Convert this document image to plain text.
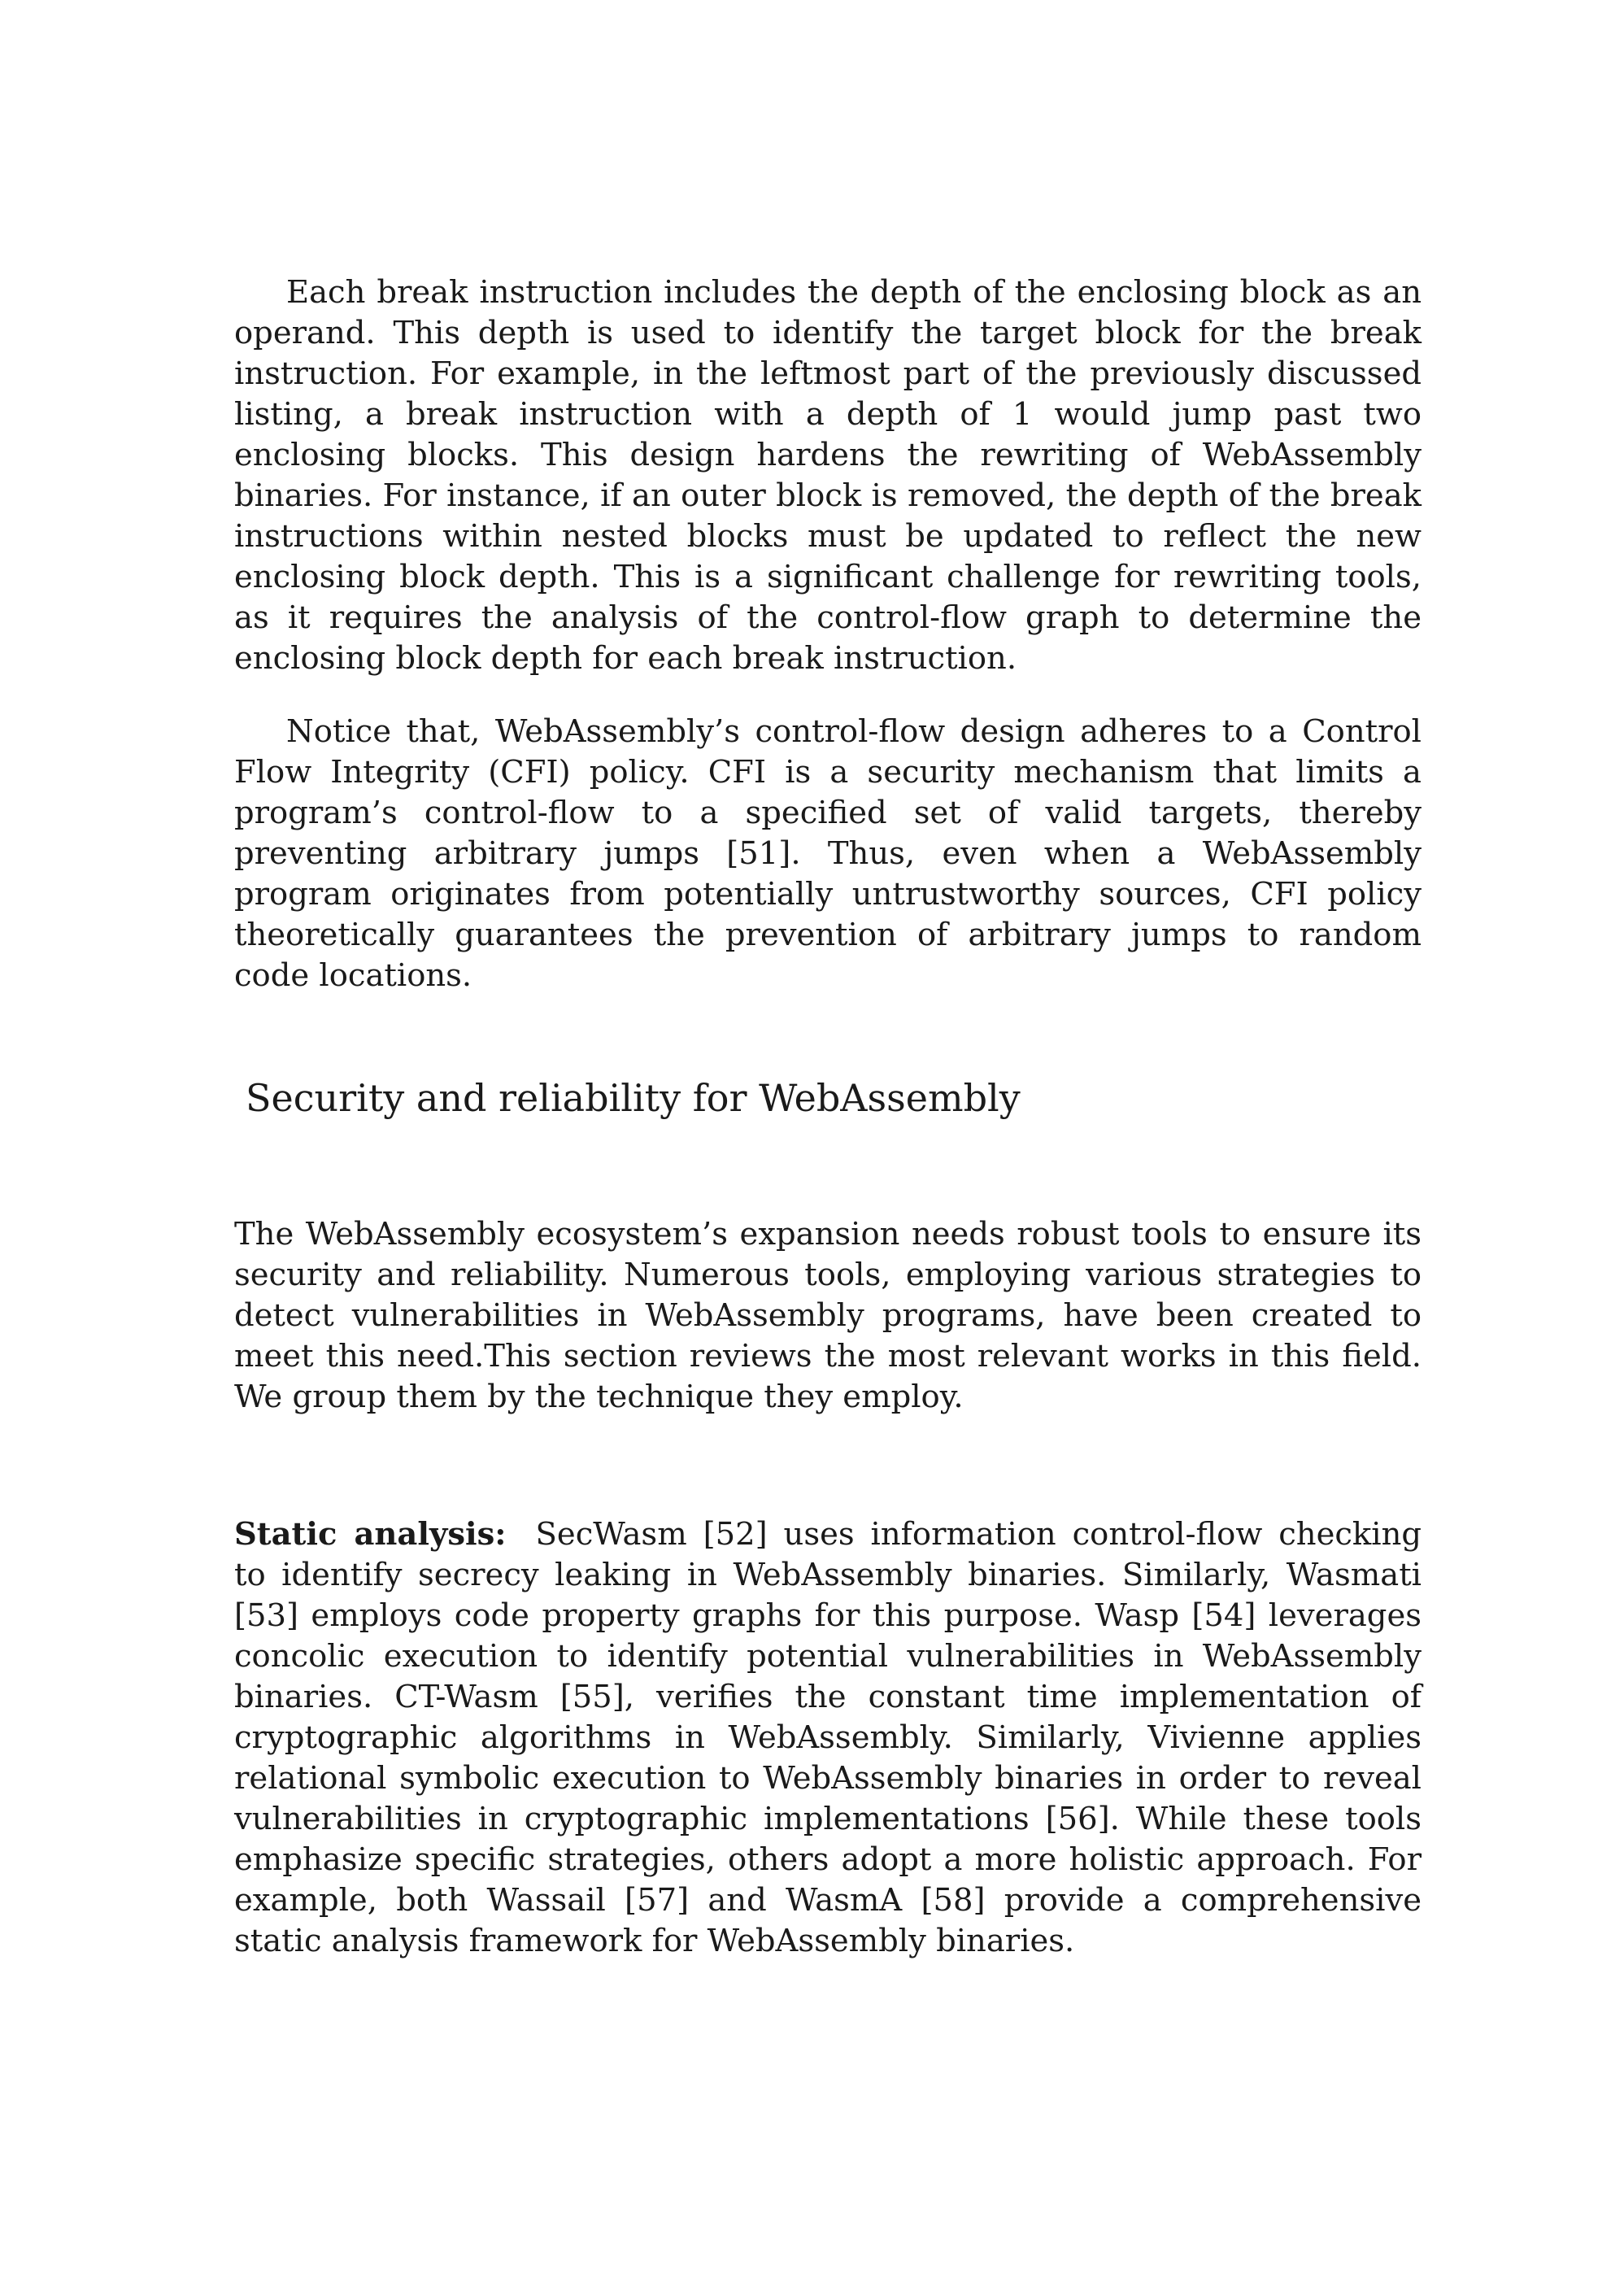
Each break instruction includes the depth of the enclosing block as an operand. This depth is used to identify the target block for the break instruction. For example, in the leftmost part of the previously discussed listing, a break instruction with a depth of 1 would jump past two enclosing blocks. This design hardens the rewriting of WebAssembly binaries. For instance, if an outer block is removed, the depth of the break instructions within nested blocks must be updated to reflect the new enclosing block depth. This is a significant challenge for rewriting tools, as it requires the analysis of the control-flow graph to determine the enclosing block depth for each break instruction.

Notice that, WebAssembly’s control-flow design adheres to a Control Flow Integrity (CFI) policy. CFI is a security mechanism that limits a program’s control-flow to a specified set of valid targets, thereby preventing arbitrary jumps [51]. Thus, even when a WebAssembly program originates from potentially untrustworthy sources, CFI policy theoretically guarantees the prevention of arbitrary jumps to random code locations.

Security and reliability for WebAssembly

The WebAssembly ecosystem’s expansion needs robust tools to ensure its security and reliability. Numerous tools, employing various strategies to detect vulnerabilities in WebAssembly programs, have been created to meet this need.This section reviews the most relevant works in this field. We group them by the technique they employ.

Static analysis: SecWasm [52] uses information control-flow checking to identify secrecy leaking in WebAssembly binaries. Similarly, Wasmati [53] employs code property graphs for this purpose. Wasp [54] leverages concolic execution to identify potential vulnerabilities in WebAssembly binaries. CT-Wasm [55], verifies the constant time implementation of cryptographic algorithms in WebAssembly. Similarly, Vivienne applies relational symbolic execution to WebAssembly binaries in order to reveal vulnerabilities in cryptographic implementations [56]. While these tools emphasize specific strategies, others adopt a more holistic approach. For example, both Wassail [57] and WasmA [58] provide a comprehensive static analysis framework for WebAssembly binaries.
